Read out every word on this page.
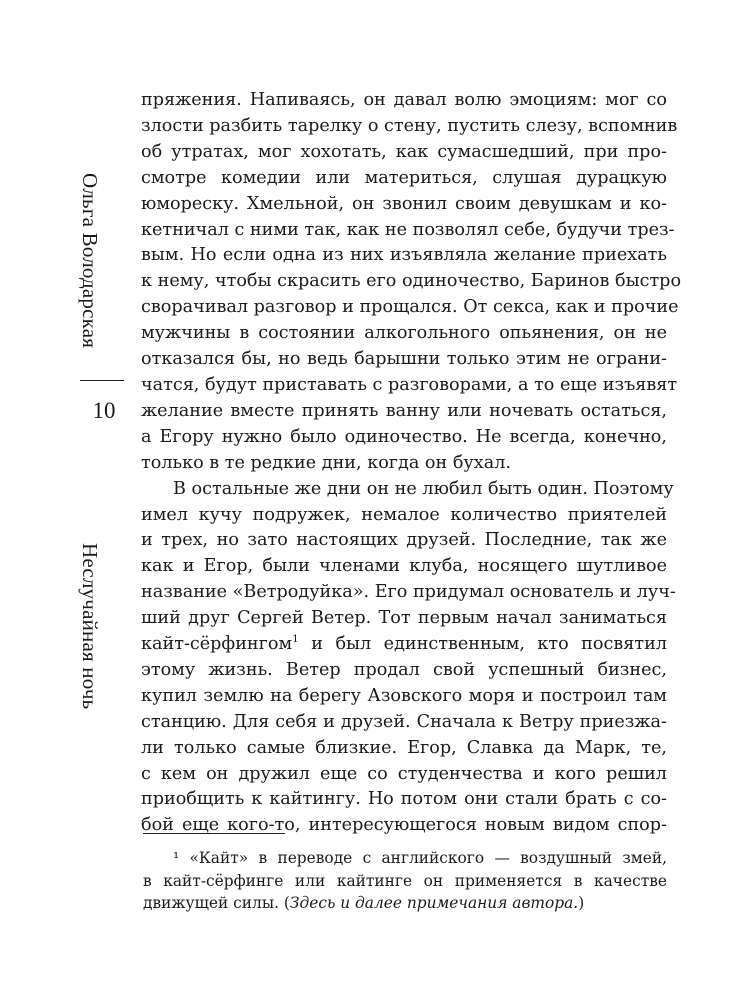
Ольга Володарская
10
Неслучайная ночь
пряжения. Напиваясь, он давал волю эмоциям: мог со
злости разбить тарелку о стену, пустить слезу, вспомнив
об утратах, мог хохотать, как сумасшедший, при про-
смотре комедии или материться, слушая дурацкую
юмореску. Хмельной, он звонил своим девушкам и ко-
кетничал с ними так, как не позволял себе, будучи трез-
вым. Но если одна из них изъявляла желание приехать
к нему, чтобы скрасить его одиночество, Баринов быстро
сворачивал разговор и прощался. От секса, как и прочие
мужчины в состоянии алкогольного опьянения, он не
отказался бы, но ведь барышни только этим не ограни-
чатся, будут приставать с разговорами, а то еще изъявят
желание вместе принять ванну или ночевать остаться,
а Егору нужно было одиночество. Не всегда, конечно,
только в те редкие дни, когда он бухал.
В остальные же дни он не любил быть один. Поэтому
имел кучу подружек, немалое количество приятелей
и трех, но зато настоящих друзей. Последние, так же
как и Егор, были членами клуба, носящего шутливое
название «Ветродуйка». Его придумал основатель и луч-
ший друг Сергей Ветер. Тот первым начал заниматься
кайт-сёрфингом$^1$ и был единственным, кто посвятил
этому жизнь. Ветер продал свой успешный бизнес,
купил землю на берегу Азовского моря и построил там
станцию. Для себя и друзей. Сначала к Ветру приезжа-
ли только самые близкие. Егор, Славка да Марк, те,
с кем он дружил еще со студенчества и кого решил
приобщить к кайтингу. Но потом они стали брать с со-
бой еще кого-то, интересующегося новым видом спор-
¹ «Кайт» в переводе с английского — воздушный змей,
в кайт-сёрфинге или кайтинге он применяется в качестве
движущей силы. (Здесь и далее примечания автора.)
